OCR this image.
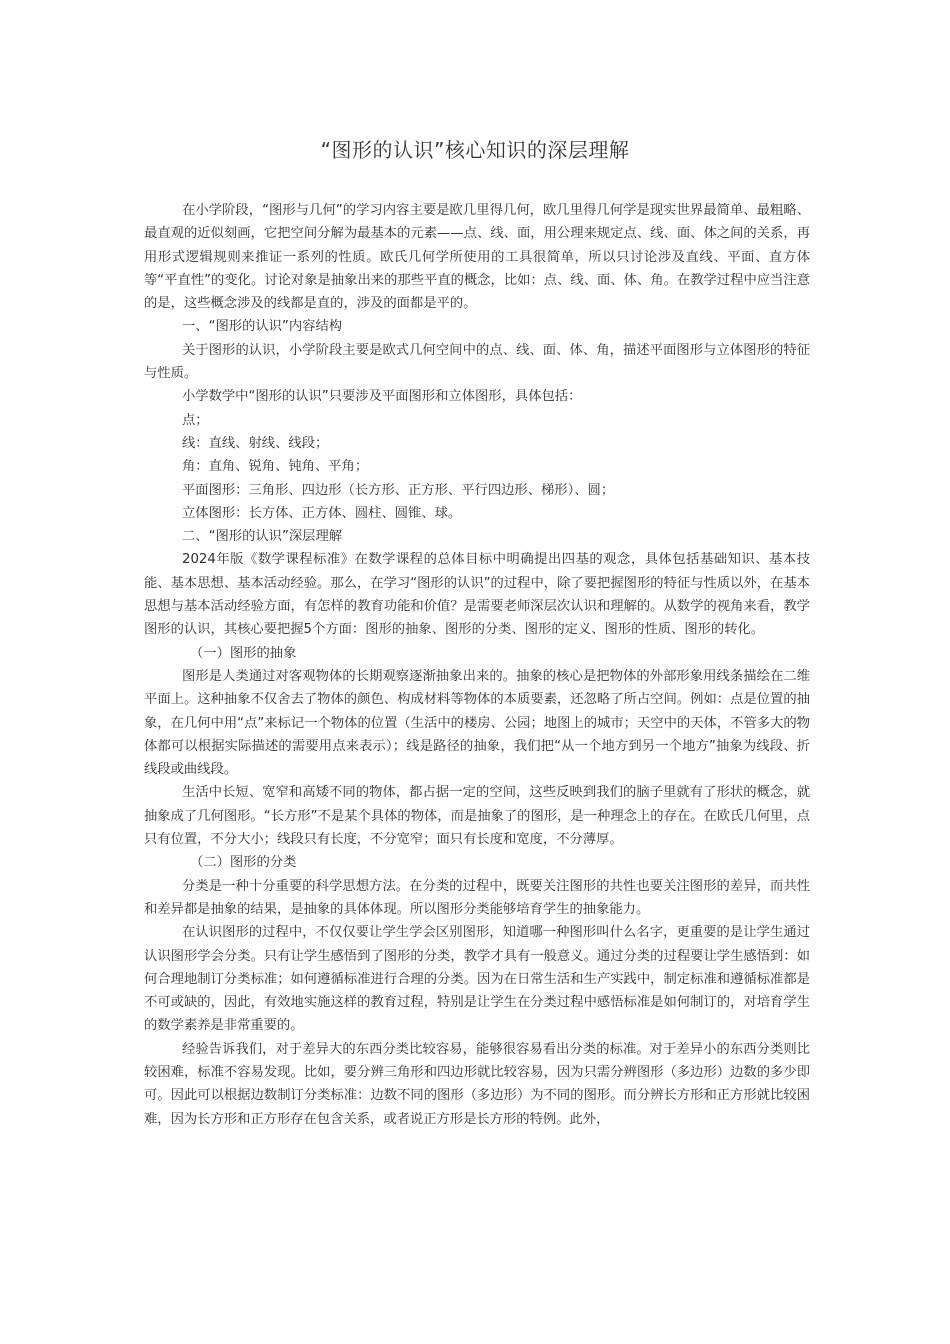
“图形的认识”核心知识的深层理解

在小学阶段，“图形与几何”的学习内容主要是欧几里得几何，欧几里得几何学是现实世界最简单、最粗略、最直观的近似刻画，它把空间分解为最基本的元素——点、线、面，用公理来规定点、线、面、体之间的关系，再用形式逻辑规则来推证一系列的性质。欧氏几何学所使用的工具很简单，所以只讨论涉及直线、平面、直方体等“平直性”的变化。讨论对象是抽象出来的那些平直的概念，比如：点、线、面、体、角。在教学过程中应当注意的是，这些概念涉及的线都是直的，涉及的面都是平的。

一、“图形的认识”内容结构

关于图形的认识，小学阶段主要是欧式几何空间中的点、线、面、体、角，描述平面图形与立体图形的特征与性质。

小学数学中“图形的认识”只要涉及平面图形和立体图形，具体包括：

点；

线：直线、射线、线段；

角：直角、锐角、钝角、平角；

平面图形：三角形、四边形（长方形、正方形、平行四边形、梯形）、圆；

立体图形：长方体、正方体、圆柱、圆锥、球。

二、“图形的认识”深层理解

2024年版《数学课程标准》在数学课程的总体目标中明确提出四基的观念，具体包括基础知识、基本技能、基本思想、基本活动经验。那么，在学习“图形的认识”的过程中，除了要把握图形的特征与性质以外，在基本思想与基本活动经验方面，有怎样的教育功能和价值？是需要老师深层次认识和理解的。从数学的视角来看，教学图形的认识，其核心要把握5个方面：图形的抽象、图形的分类、图形的定义、图形的性质、图形的转化。

（一）图形的抽象

图形是人类通过对客观物体的长期观察逐渐抽象出来的。抽象的核心是把物体的外部形象用线条描绘在二维平面上。这种抽象不仅舍去了物体的颜色、构成材料等物体的本质要素，还忽略了所占空间。例如：点是位置的抽象，在几何中用“点”来标记一个物体的位置（生活中的楼房、公园；地图上的城市；天空中的天体，不管多大的物体都可以根据实际描述的需要用点来表示）；线是路径的抽象，我们把“从一个地方到另一个地方”抽象为线段、折线段或曲线段。

生活中长短、宽窄和高矮不同的物体，都占据一定的空间，这些反映到我们的脑子里就有了形状的概念，就抽象成了几何图形。“长方形”不是某个具体的物体，而是抽象了的图形，是一种理念上的存在。在欧氏几何里，点只有位置，不分大小；线段只有长度，不分宽窄；面只有长度和宽度，不分薄厚。

（二）图形的分类

分类是一种十分重要的科学思想方法。在分类的过程中，既要关注图形的共性也要关注图形的差异，而共性和差异都是抽象的结果，是抽象的具体体现。所以图形分类能够培育学生的抽象能力。

在认识图形的过程中，不仅仅要让学生学会区别图形，知道哪一种图形叫什么名字，更重要的是让学生通过认识图形学会分类。只有让学生感悟到了图形的分类，教学才具有一般意义。通过分类的过程要让学生感悟到：如何合理地制订分类标准；如何遵循标准进行合理的分类。因为在日常生活和生产实践中，制定标准和遵循标准都是不可或缺的，因此，有效地实施这样的教育过程，特别是让学生在分类过程中感悟标准是如何制订的，对培育学生的数学素养是非常重要的。

经验告诉我们，对于差异大的东西分类比较容易，能够很容易看出分类的标准。对于差异小的东西分类则比较困难，标准不容易发现。比如，要分辨三角形和四边形就比较容易，因为只需分辨图形（多边形）边数的多少即可。因此可以根据边数制订分类标准：边数不同的图形（多边形）为不同的图形。而分辨长方形和正方形就比较困难，因为长方形和正方形存在包含关系，或者说正方形是长方形的特例。此外，
